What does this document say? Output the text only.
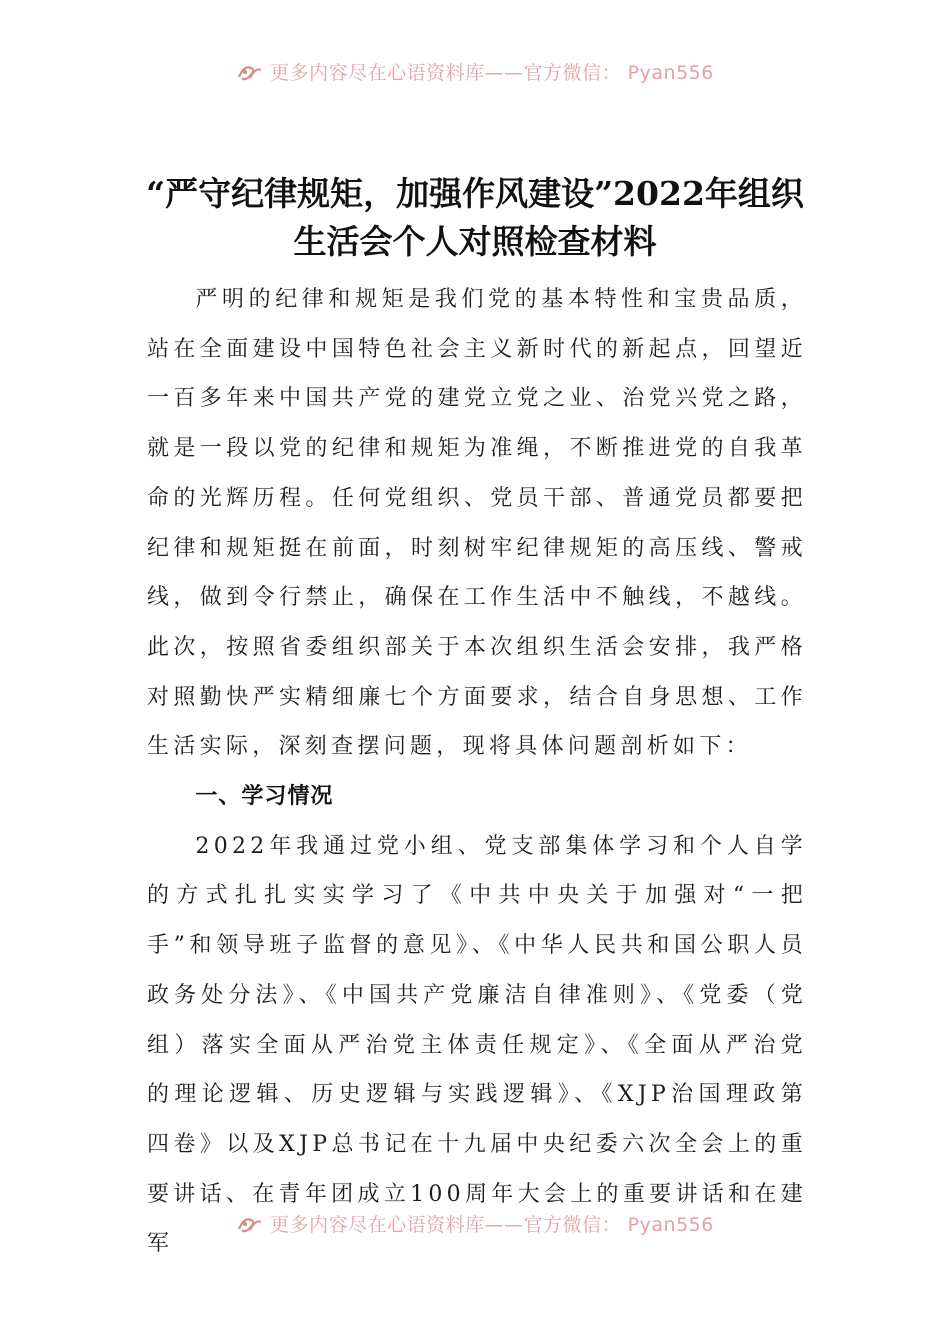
更多内容尽在心语资料库——官方微信： Pyan556
“严守纪律规矩，加强作风建设”2022年组织生活会个人对照检查材料

严明的纪律和规矩是我们党的基本特性和宝贵品质，站在全面建设中国特色社会主义新时代的新起点，回望近一百多年来中国共产党的建党立党之业、治党兴党之路，就是一段以党的纪律和规矩为准绳，不断推进党的自我革命的光辉历程。任何党组织、党员干部、普通党员都要把纪律和规矩挺在前面，时刻树牢纪律规矩的高压线、警戒线，做到令行禁止，确保在工作生活中不触线，不越线。此次，按照省委组织部关于本次组织生活会安排，我严格对照勤快严实精细廉七个方面要求，结合自身思想、工作生活实际，深刻查摆问题，现将具体问题剖析如下：

一、学习情况

2022年我通过党小组、党支部集体学习和个人自学的方式扎扎实实学习了《中共中央关于加强对“一把手”和领导班子监督的意见》、《中华人民共和国公职人员政务处分法》、《中国共产党廉洁自律准则》、《党委（党组）落实全面从严治党主体责任规定》、《全面从严治党的理论逻辑、历史逻辑与实践逻辑》、《XJP治国理政第四卷》以及XJP总书记在十九届中央纪委六次全会上的重要讲话、在青年团成立100周年大会上的重要讲话和在建军

更多内容尽在心语资料库——官方微信： Pyan556
